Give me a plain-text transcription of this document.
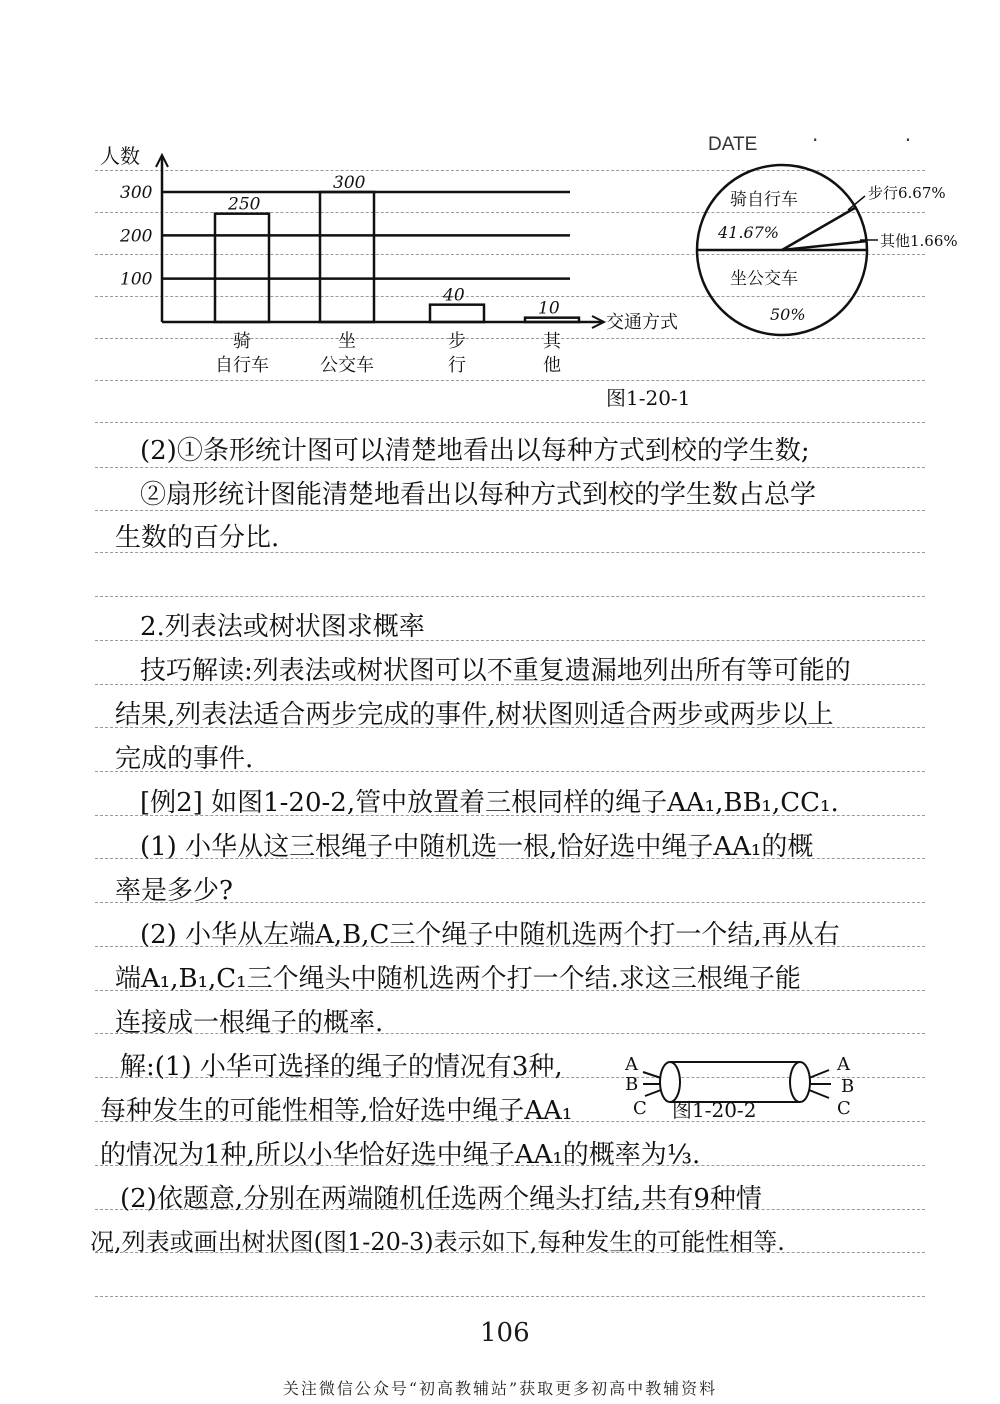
DATE	· ·
100
200
300
人数
交通方式
250
骑
自行车
300
坐
公交车
40
步
行
10
其
他
骑自行车
41.67%
坐公交车
50%
步行6.67%
其他1.66%
图1-20-1
(2)①条形统计图可以清楚地看出以每种方式到校的学生数;
②扇形统计图能清楚地看出以每种方式到校的学生数占总学
生数的百分比.
2.列表法或树状图求概率
技巧解读:列表法或树状图可以不重复遗漏地列出所有等可能的
结果,列表法适合两步完成的事件,树状图则适合两步或两步以上
完成的事件.
[例2] 如图1-20-2,管中放置着三根同样的绳子AA₁,BB₁,CC₁.
(1) 小华从这三根绳子中随机选一根,恰好选中绳子AA₁的概
率是多少?
(2) 小华从左端A,B,C三个绳子中随机选两个打一个结,再从右
端A₁,B₁,C₁三个绳头中随机选两个打一个结.求这三根绳子能
连接成一根绳子的概率.
解:(1) 小华可选择的绳子的情况有3种,
每种发生的可能性相等,恰好选中绳子AA₁	图1-20-2
的情况为1种,所以小华恰好选中绳子AA₁的概率为⅓.
(2)依题意,分别在两端随机任选两个绳头打结,共有9种情
况,列表或画出树状图(图1-20-3)表示如下,每种发生的可能性相等.
A
B
C
A
B
C
106
关注微信公众号“初高教辅站”获取更多初高中教辅资料
